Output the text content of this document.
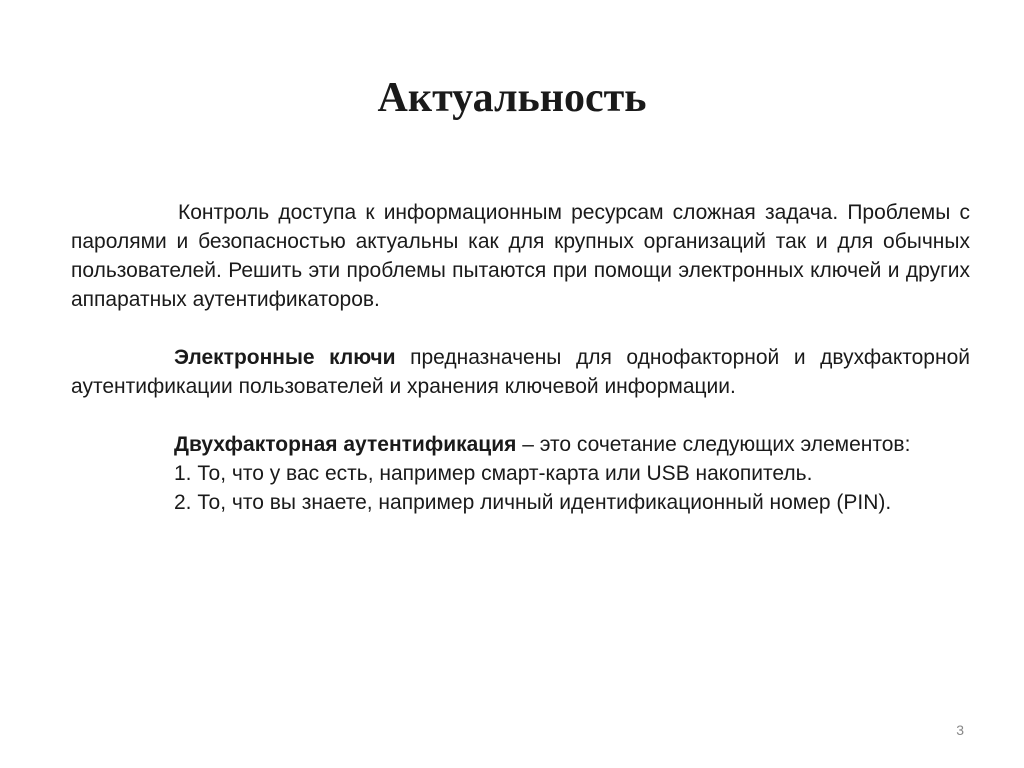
Актуальность

Контроль доступа к информационным ресурсам сложная задача. Проблемы с паролями и безопасностью актуальны как для крупных организаций так и для обычных пользователей. Решить эти проблемы пытаются при помощи электронных ключей и других аппаратных аутентификаторов.

Электронные ключи предназначены для однофакторной и двухфакторной аутентификации пользователей и хранения ключевой информации.

Двухфакторная аутентификация – это сочетание следующих элементов:

1. То, что у вас есть, например смарт-карта или USB накопитель.

2. То, что вы знаете, например личный идентификационный номер (PIN).

3
